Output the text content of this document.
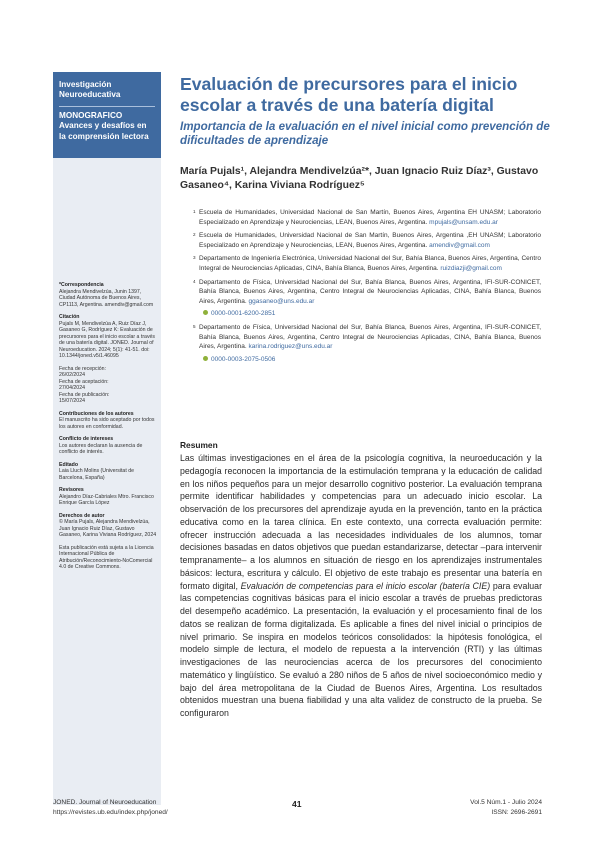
Investigación Neuroeducativa
MONOGRAFICO
Avances y desafíos en la comprensión lectora
*Correspondencia
Alejandra Mendivelzúa, Junin 1397, Ciudad Autónoma de Buenos Aires, CP1113, Argentina. amendiv@gmail.com
Citación
Pujals M, Mendivelzúa A, Ruiz Díaz J, Gasaneo G, Rodríguez K: Evaluación de precursores para el inicio escolar a través de una batería digital. JONED. Journal of Neuroeducation. 2024; 5(1): 41-51. doi: 10.1344/joned.v5i1.46095
Fecha de recepción:
26/02/2024
Fecha de aceptación:
27/04/2024
Fecha de publicación:
15/07/2024
Contribuciones de los autores
El manuscrito ha sido aceptado por todos los autores en conformidad.
Conflicto de intereses
Los autores declaran la ausencia de conflicto de interés.
Editado
Laia Lluch Molins (Universitat de Barcelona, España)
Revisores
Alejandro Díaz-Cabriales Mtro. Francisco Enrique García López
Derechos de autor
© María Pujals, Alejandra Mendivelzúa, Juan Ignacio Ruiz Díaz, Gustavo Gasaneo, Karina Viviana Rodríguez, 2024
Esta publicación está sujeta a la Licencia Internacional Pública de Atribución/Reconocimiento-NoComercial 4.0 de Creative Commons.
Evaluación de precursores para el inicio escolar a través de una batería digital
Importancia de la evaluación en el nivel inicial como prevención de dificultades de aprendizaje
María Pujals¹, Alejandra Mendivelzúa²*, Juan Ignacio Ruiz Díaz³, Gustavo Gasaneo⁴, Karina Viviana Rodríguez⁵
1 Escuela de Humanidades, Universidad Nacional de San Martín, Buenos Aires, Argentina EH UNASM; Laboratorio Especializado en Aprendizaje y Neurociencias, LEAN, Buenos Aires, Argentina. mpujals@unsam.edu.ar
2 Escuela de Humanidades, Universidad Nacional de San Martín, Buenos Aires, Argentina ,EH UNASM; Laboratorio Especializado en Aprendizaje y Neurociencias, LEAN, Buenos Aires, Argentina. amendiv@gmail.com
3 Departamento de Ingeniería Electrónica, Universidad Nacional del Sur, Bahía Blanca, Buenos Aires, Argentina, Centro Integral de Neurociencias Aplicadas, CINA, Bahía Blanca, Buenos Aires, Argentina. ruizdiazji@gmail.com
4 Departamento de Física, Universidad Nacional del Sur, Bahía Blanca, Buenos Aires, Argentina, IFI-SUR-CONICET, Bahía Blanca, Buenos Aires, Argentina, Centro Integral de Neurociencias Aplicadas, CINA, Bahía Blanca, Buenos Aires, Argentina. ggasaneo@uns.edu.ar
0000-0001-6200-2851
5 Departamento de Física, Universidad Nacional del Sur, Bahía Blanca, Buenos Aires, Argentina, IFI-SUR-CONICET, Bahía Blanca, Buenos Aires, Argentina, Centro Integral de Neurociencias Aplicadas, CINA, Bahía Blanca, Buenos Aires, Argentina. karina.rodriguez@uns.edu.ar
0000-0003-2075-0506
Resumen

Las últimas investigaciones en el área de la psicología cognitiva, la neuroeducación y la pedagogía reconocen la importancia de la estimulación temprana y la educación de calidad en los niños pequeños para un mejor desarrollo cognitivo posterior. La evaluación temprana permite identificar habilidades y competencias para un adecuado inicio escolar. La observación de los precursores del aprendizaje ayuda en la prevención, tanto en la práctica educativa como en la tarea clínica. En este contexto, una correcta evaluación permite: ofrecer instrucción adecuada a las necesidades individuales de los alumnos, tomar decisiones basadas en datos objetivos que puedan estandarizarse, detectar –para intervenir tempranamente– a los alumnos en situación de riesgo en los aprendizajes instrumentales básicos: lectura, escritura y cálculo. El objetivo de este trabajo es presentar una batería en formato digital, Evaluación de competencias para el inicio escolar (batería CIE) para evaluar las competencias cognitivas básicas para el inicio escolar a través de pruebas predictoras del desempeño académico. La presentación, la evaluación y el procesamiento final de los datos se realizan de forma digitalizada. Es aplicable a fines del nivel inicial o principios de nivel primario. Se inspira en modelos teóricos consolidados: la hipótesis fonológica, el modelo simple de lectura, el modelo de repuesta a la intervención (RTI) y las últimas investigaciones de las neurociencias acerca de los precursores del conocimiento matemático y lingüístico. Se evaluó a 280 niños de 5 años de nivel socioeconómico medio y bajo del área metropolitana de la Ciudad de Buenos Aires, Argentina. Los resultados obtenidos muestran una buena fiabilidad y una alta validez de constructo de la prueba. Se configuraron

JONED. Journal of Neuroeducation
https://revistes.ub.edu/index.php/joned/
41	Vol.5 Núm.1 - Julio 2024
ISSN: 2696-2691
